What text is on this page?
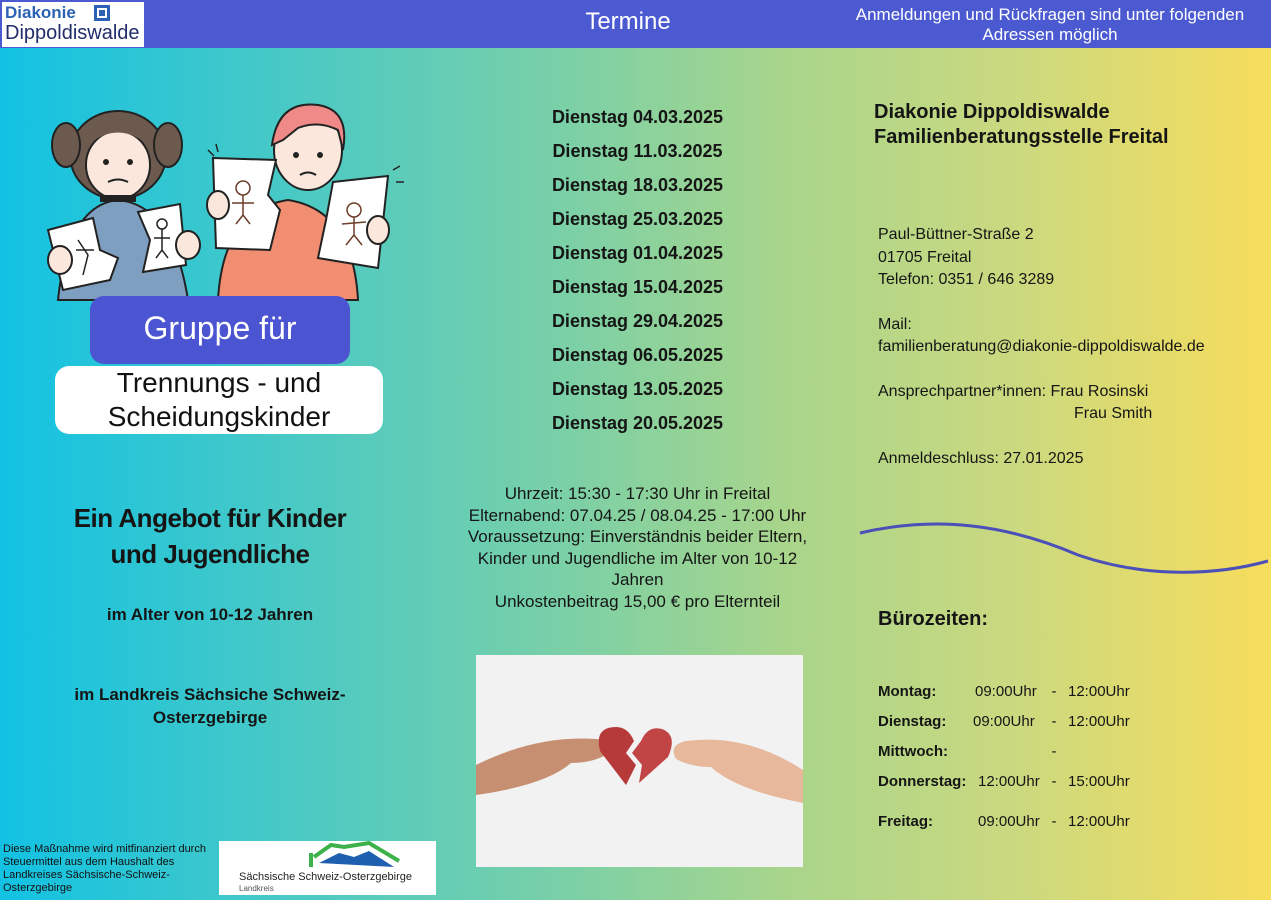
Diakonie
Dippoldiswalde	Termine	Anmeldungen und Rückfragen sind unter folgenden Adressen möglich
Gruppe für
Trennungs - und
Scheidungskinder
Ein Angebot für Kinder
und Jugendliche
im Alter von 10-12 Jahren
im Landkreis Sächsiche Schweiz-
Osterzgebirge
Diese Maßnahme wird mitfinanziert durch Steuermittel aus dem Haushalt des Landkreises Sächsische-Schweiz-Osterzgebirge
Sächsische Schweiz-Osterzgebirge
Landkreis
Dienstag 04.03.2025
Dienstag 11.03.2025
Dienstag 18.03.2025
Dienstag 25.03.2025
Dienstag 01.04.2025
Dienstag 15.04.2025
Dienstag 29.04.2025
Dienstag 06.05.2025
Dienstag 13.05.2025
Dienstag 20.05.2025
Uhrzeit: 15:30 - 17:30 Uhr in Freital
Elternabend: 07.04.25 / 08.04.25 - 17:00 Uhr
Voraussetzung: Einverständnis beider Eltern,
Kinder und Jugendliche im Alter von 10-12
Jahren
Unkostenbeitrag 15,00 € pro Elternteil
Diakonie Dippoldiswalde
Familienberatungsstelle Freital
Paul-Büttner-Straße 2
01705 Freital
Telefon: 0351 / 646 3289
Mail:
familienberatung@diakonie-dippoldiswalde.de
Ansprechpartner*innen: Frau Rosinski
Frau Smith
Anmeldeschluss: 27.01.2025
Bürozeiten:
Montag:	09:00Uhr - 12:00Uhr
Dienstag: 09:00Uhr - 12:00Uhr
Mittwoch:	-
Donnerstag: 12:00Uhr - 15:00Uhr
Freitag:	09:00Uhr - 12:00Uhr
